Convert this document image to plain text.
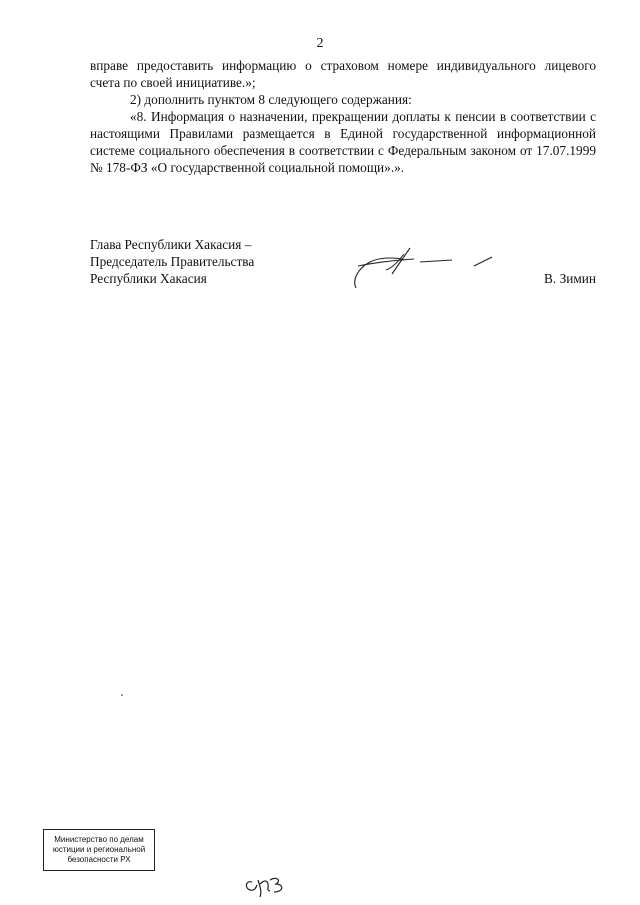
2

вправе предоставить информацию о страховом номере индивидуального лицевого

счета по своей инициативе.»;

2) дополнить пунктом 8 следующего содержания:

«8. Информация о назначении, прекращении доплаты к пенсии в соответствии с настоящими Правилами размещается в Единой государственной информационной системе социального обеспечения в соответствии с Федеральным законом от 17.07.1999 № 178-ФЗ «О государственной социальной помощи».».

Глава Республики Хакасия –
Председатель Правительства
Республики Хакасия	В. Зимин
Министерство по делам
юстиции и региональной
безопасности РХ
